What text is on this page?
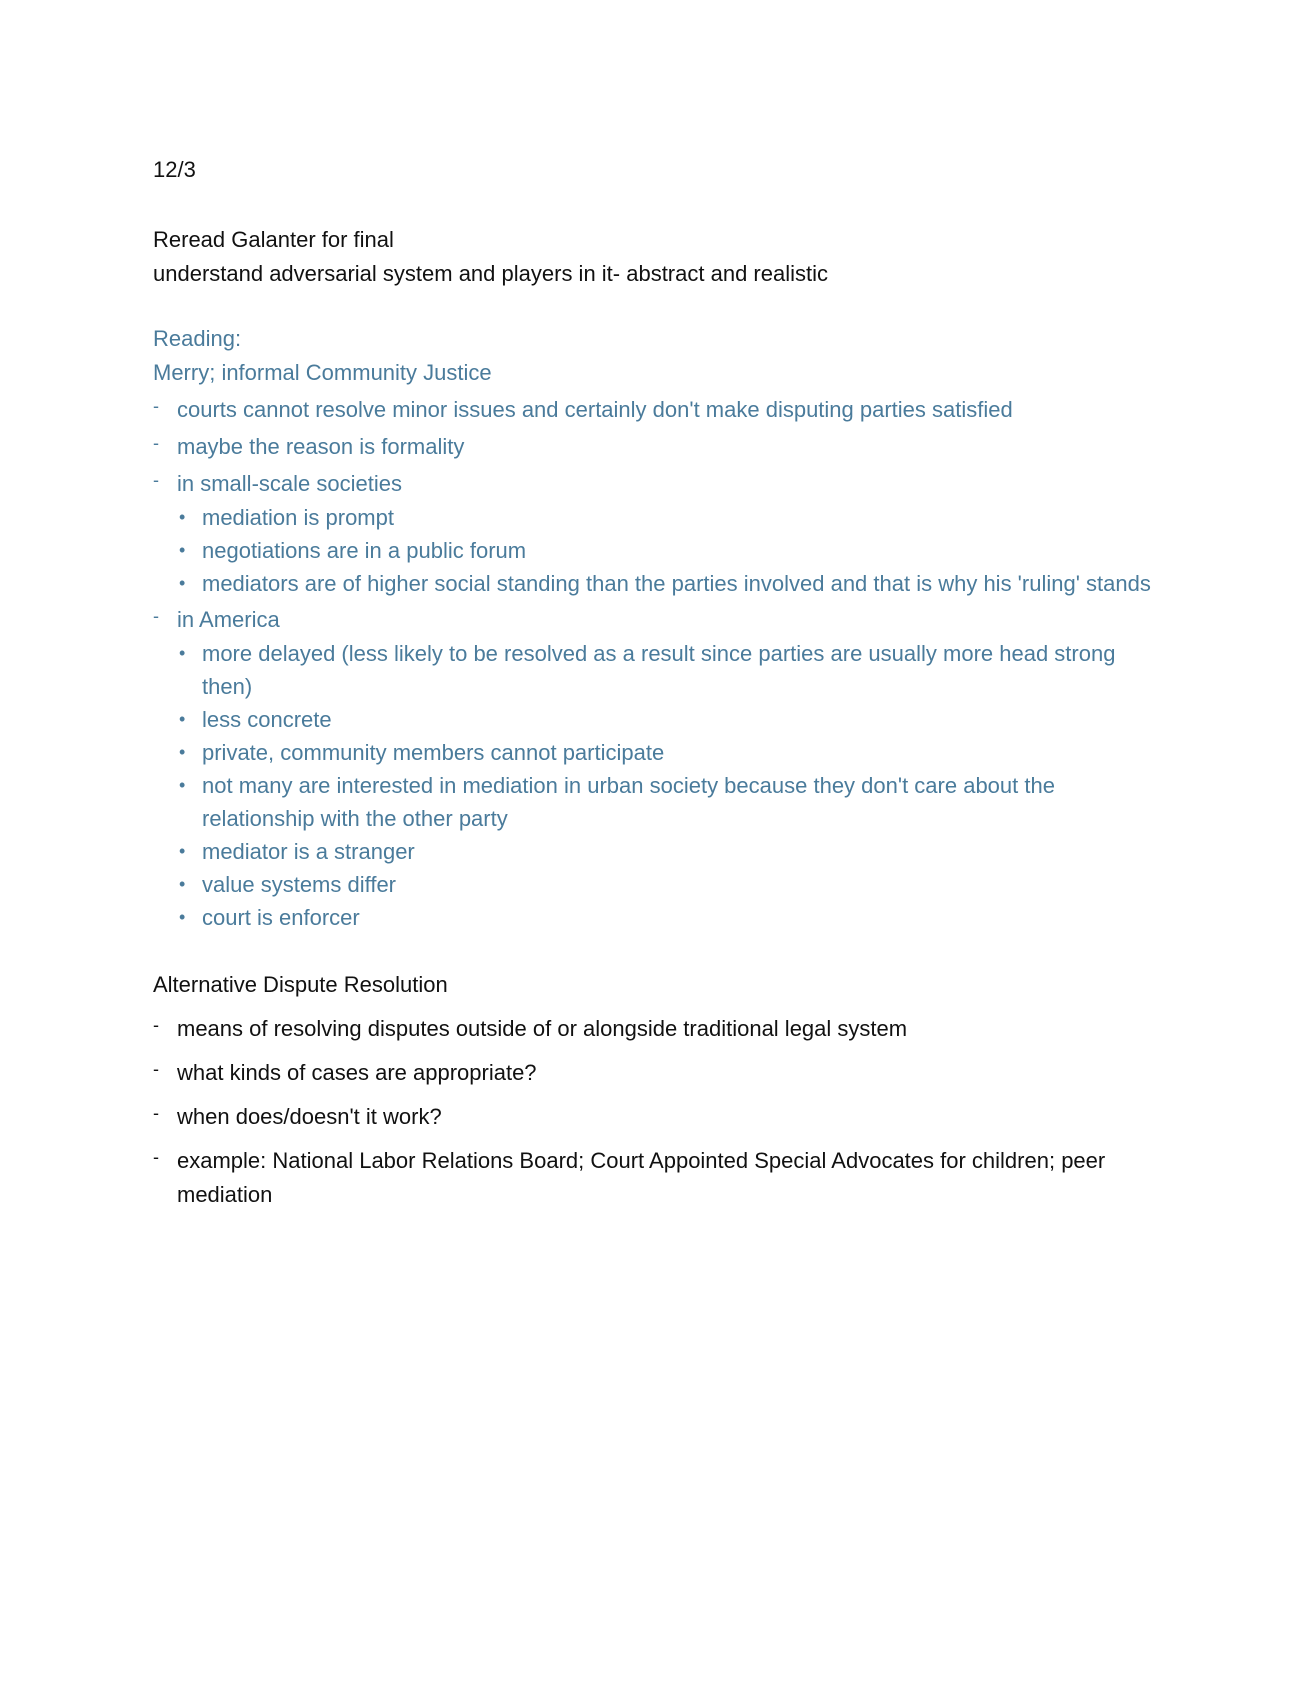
12/3
Reread Galanter for final
understand adversarial system and players in it- abstract and realistic
Reading:
Merry; informal Community Justice
- courts cannot resolve minor issues and certainly don't make disputing parties satisfied
- maybe the reason is formality
- in small-scale societies
• mediation is prompt
• negotiations are in a public forum
• mediators are of higher social standing than the parties involved and that is why his 'ruling' stands
- in America
• more delayed (less likely to be resolved as a result since parties are usually more head strong then)
• less concrete
• private, community members cannot participate
• not many are interested in mediation in urban society because they don't care about the relationship with the other party
• mediator is a stranger
• value systems differ
• court is enforcer
Alternative Dispute Resolution
- means of resolving disputes outside of or alongside traditional legal system
- what kinds of cases are appropriate?
- when does/doesn't it work?
- example: National Labor Relations Board; Court Appointed Special Advocates for children; peer mediation
